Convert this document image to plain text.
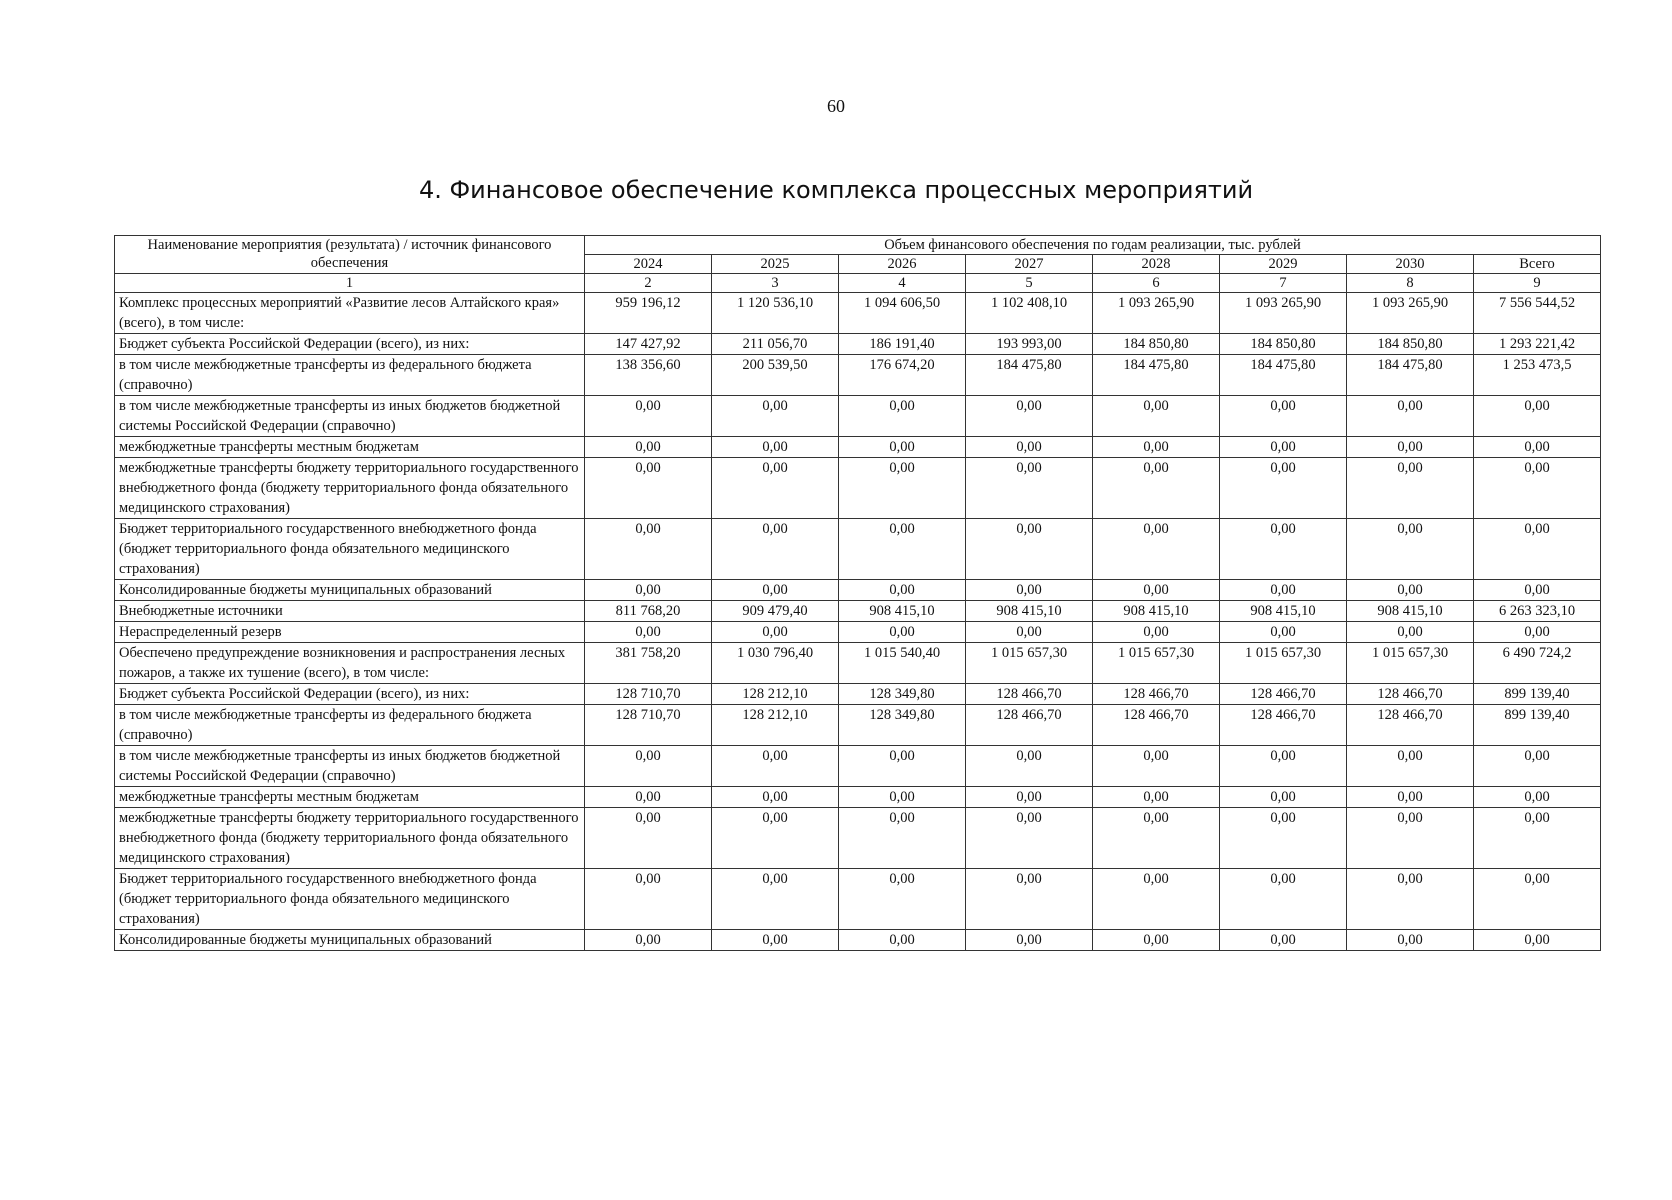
60
4. Финансовое обеспечение комплекса процессных мероприятий
Наименование мероприятия (результата) / источник финансового обеспечения	Объем финансового обеспечения по годам реализации, тыс. рублей							
	2024	2025	2026	2027	2028	2029	2030	Всего
1	2	3	4	5	6	7	8	9
Комплекс процессных мероприятий «Развитие лесов Алтайского края» (всего), в том числе:	959 196,12	1 120 536,10	1 094 606,50	1 102 408,10	1 093 265,90	1 093 265,90	1 093 265,90	7 556 544,52
Бюджет субъекта Российской Федерации (всего), из них:	147 427,92	211 056,70	186 191,40	193 993,00	184 850,80	184 850,80	184 850,80	1 293 221,42
в том числе межбюджетные трансферты из федерального бюджета (справочно)	138 356,60	200 539,50	176 674,20	184 475,80	184 475,80	184 475,80	184 475,80	1 253 473,5
в том числе межбюджетные трансферты из иных бюджетов бюджетной системы Российской Федерации (справочно)	0,00	0,00	0,00	0,00	0,00	0,00	0,00	0,00
межбюджетные трансферты местным бюджетам	0,00	0,00	0,00	0,00	0,00	0,00	0,00	0,00
межбюджетные трансферты бюджету территориального государственного внебюджетного фонда (бюджету территориального фонда обязательного медицинского страхования)	0,00	0,00	0,00	0,00	0,00	0,00	0,00	0,00
Бюджет территориального государственного внебюджетного фонда (бюджет территориального фонда обязательного медицинского страхования)	0,00	0,00	0,00	0,00	0,00	0,00	0,00	0,00
Консолидированные бюджеты муниципальных образований	0,00	0,00	0,00	0,00	0,00	0,00	0,00	0,00
Внебюджетные источники	811 768,20	909 479,40	908 415,10	908 415,10	908 415,10	908 415,10	908 415,10	6 263 323,10
Нераспределенный резерв	0,00	0,00	0,00	0,00	0,00	0,00	0,00	0,00
Обеспечено предупреждение возникновения и распространения лесных пожаров, а также их тушение (всего), в том числе:	381 758,20	1 030 796,40	1 015 540,40	1 015 657,30	1 015 657,30	1 015 657,30	1 015 657,30	6 490 724,2
Бюджет субъекта Российской Федерации (всего), из них:	128 710,70	128 212,10	128 349,80	128 466,70	128 466,70	128 466,70	128 466,70	899 139,40
в том числе межбюджетные трансферты из федерального бюджета (справочно)	128 710,70	128 212,10	128 349,80	128 466,70	128 466,70	128 466,70	128 466,70	899 139,40
в том числе межбюджетные трансферты из иных бюджетов бюджетной системы Российской Федерации (справочно)	0,00	0,00	0,00	0,00	0,00	0,00	0,00	0,00
межбюджетные трансферты местным бюджетам	0,00	0,00	0,00	0,00	0,00	0,00	0,00	0,00
межбюджетные трансферты бюджету территориального государственного внебюджетного фонда (бюджету территориального фонда обязательного медицинского страхования)	0,00	0,00	0,00	0,00	0,00	0,00	0,00	0,00
Бюджет территориального государственного внебюджетного фонда (бюджет территориального фонда обязательного медицинского страхования)	0,00	0,00	0,00	0,00	0,00	0,00	0,00	0,00
Консолидированные бюджеты муниципальных образований	0,00	0,00	0,00	0,00	0,00	0,00	0,00	0,00
